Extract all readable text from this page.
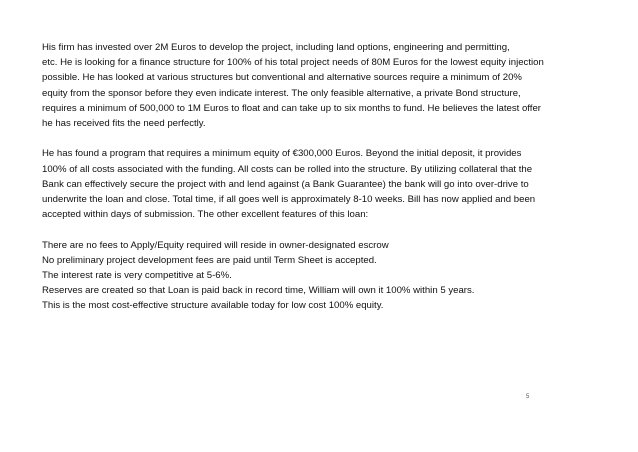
His firm has invested over 2M Euros to develop the project, including land options, engineering and permitting,
etc. He is looking for a finance structure for 100% of his total project needs of 80M Euros for the lowest equity injection
possible. He has looked at various structures but conventional and alternative sources require a minimum of 20%
equity from the sponsor before they even indicate interest. The only feasible alternative, a private Bond structure,
requires a minimum of 500,000 to 1M Euros to float and can take up to six months to fund. He believes the latest offer
he has received fits the need perfectly.
He has found a program that requires a minimum equity of €300,000 Euros. Beyond the initial deposit, it provides
100% of all costs associated with the funding. All costs can be rolled into the structure. By utilizing collateral that the
Bank can effectively secure the project with and lend against (a Bank Guarantee) the bank will go into over-drive to
underwrite the loan and close. Total time, if all goes well is approximately 8-10 weeks. Bill has now applied and been
accepted within days of submission. The other excellent features of this loan:
There are no fees to Apply/Equity required will reside in owner-designated escrow
No preliminary project development fees are paid until Term Sheet is accepted.
The interest rate is very competitive at 5-6%.
Reserves are created so that Loan is paid back in record time, William will own it 100% within 5 years.
This is the most cost-effective structure available today for low cost 100% equity.
5
